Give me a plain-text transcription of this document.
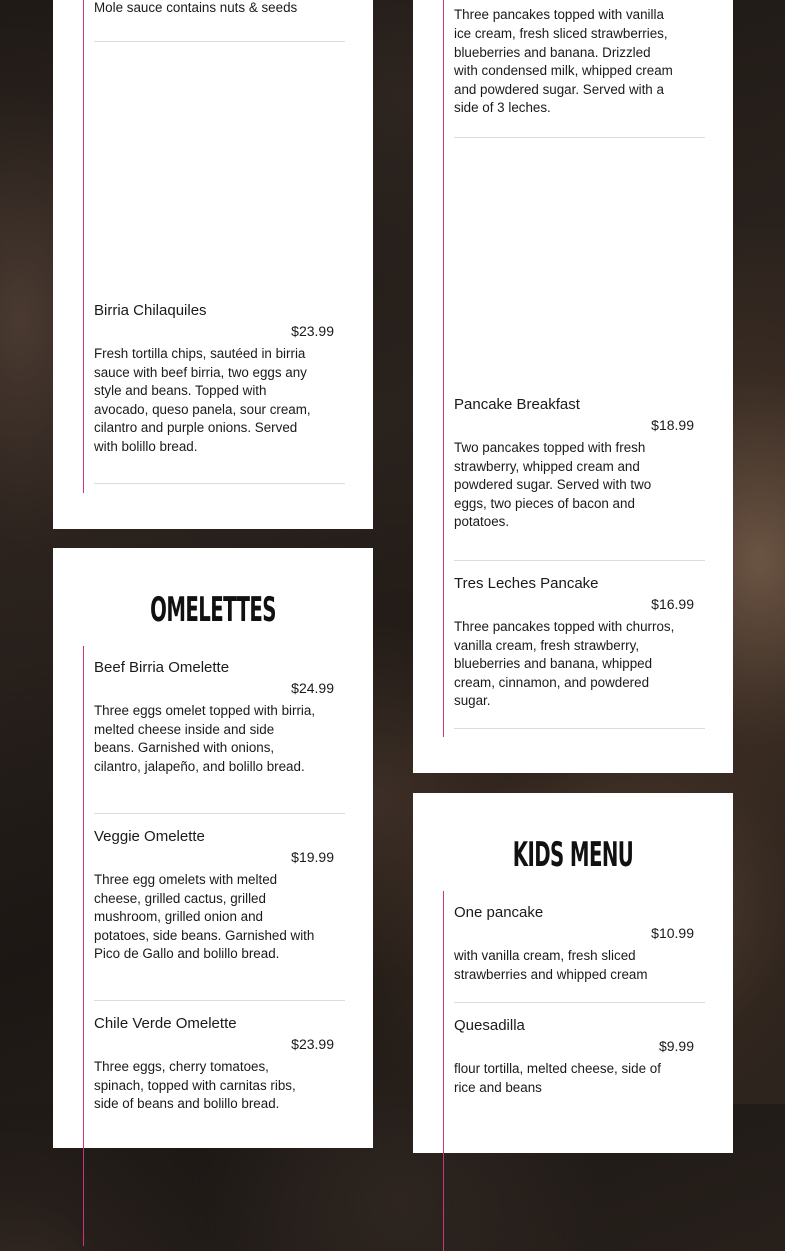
Mole sauce contains nuts & seeds
Birria Chilaquiles
$23.99
Fresh tortilla chips, sautéed in birria sauce with beef birria, two eggs any style and beans. Topped with avocado, queso panela, sour cream, cilantro and purple onions. Served with bolillo bread.
OMELETTES
Beef Birria Omelette
$24.99
Three eggs omelet topped with birria, melted cheese inside and side beans. Garnished with onions, cilantro, jalapeño, and bolillo bread.
Veggie Omelette
$19.99
Three egg omelets with melted cheese, grilled cactus, grilled mushroom, grilled onion and potatoes, side beans. Garnished with Pico de Gallo and bolillo bread.
Chile Verde Omelette
$23.99
Three eggs, cherry tomatoes, spinach, topped with carnitas ribs, side of beans and bolillo bread.
Three pancakes topped with vanilla ice cream, fresh sliced strawberries, blueberries and banana. Drizzled with condensed milk, whipped cream and powdered sugar. Served with a side of 3 leches.
Pancake Breakfast
$18.99
Two pancakes topped with fresh strawberry, whipped cream and powdered sugar. Served with two eggs, two pieces of bacon and potatoes.
Tres Leches Pancake
$16.99
Three pancakes topped with churros, vanilla cream, fresh strawberry, blueberries and banana, whipped cream, cinnamon, and powdered sugar.
KIDS MENU
One pancake
$10.99
with vanilla cream, fresh sliced strawberries and whipped cream
Quesadilla
$9.99
flour tortilla, melted cheese, side of rice and beans
